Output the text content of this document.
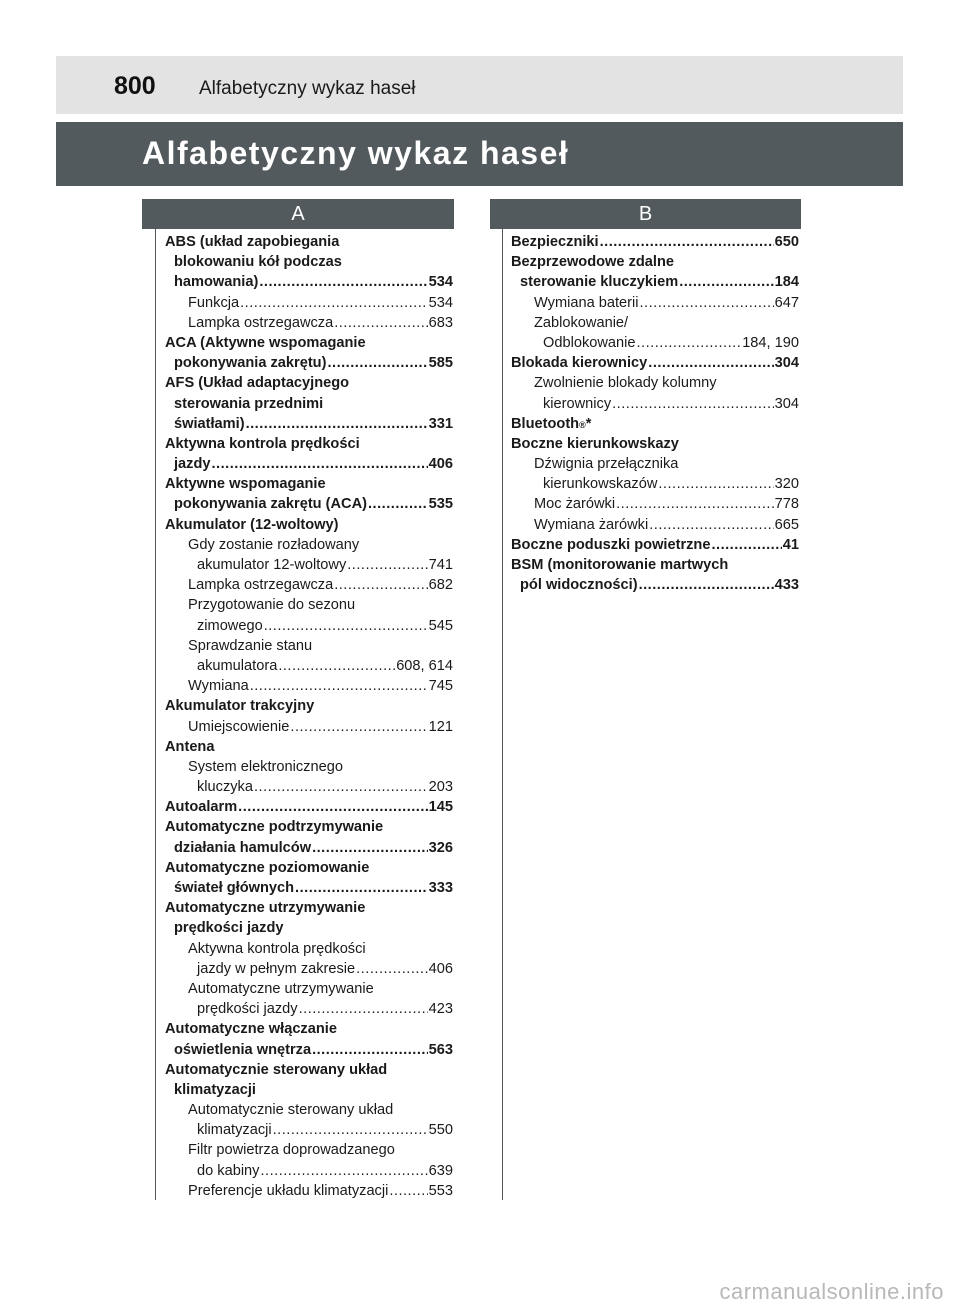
800 Alfabetyczny wykaz haseł
Alfabetyczny wykaz haseł
A	B
ABS (układ zapobiegania
blokowaniu kół podczas
hamowania) .....	534
Funkcja .....	534
Lampka ostrzegawcza .....	683
ACA (Aktywne wspomaganie
pokonywania zakrętu) .....	585
AFS (Układ adaptacyjnego
sterowania przednimi
światłami) .....	331
Aktywna kontrola prędkości
jazdy .....	406
Aktywne wspomaganie
pokonywania zakrętu (ACA) .....	535
Akumulator (12-woltowy)
Gdy zostanie rozładowany
akumulator 12-woltowy .....	741
Lampka ostrzegawcza .....	682
Przygotowanie do sezonu
zimowego .....	545
Sprawdzanie stanu
akumulatora .....	608, 614
Wymiana .....	745
Akumulator trakcyjny
Umiejscowienie .....	121
Antena
System elektronicznego
kluczyka .....	203
Autoalarm .....	145
Automatyczne podtrzymywanie
działania hamulców .....	326
Automatyczne poziomowanie
świateł głównych .....	333
Automatyczne utrzymywanie
prędkości jazdy
Aktywna kontrola prędkości
jazdy w pełnym zakresie .....	406
Automatyczne utrzymywanie
prędkości jazdy .....	423
Automatyczne włączanie
oświetlenia wnętrza .....	563
Automatycznie sterowany układ
klimatyzacji
Automatycznie sterowany układ
klimatyzacji .....	550
Filtr powietrza doprowadzanego
do kabiny .....	639
Preferencje układu klimatyzacji .....	553
Bezpieczniki .....	650
Bezprzewodowe zdalne
sterowanie kluczykiem .....	184
Wymiana baterii .....	647
Zablokowanie/
Odblokowanie .....	184, 190
Blokada kierownicy .....	304
Zwolnienie blokady kolumny
kierownicy .....	304
Bluetooth ® *
Boczne kierunkowskazy
Dźwignia przełącznika
kierunkowskazów .....	320
Moc żarówki .....	778
Wymiana żarówki .....	665
Boczne poduszki powietrzne .....	41
BSM (monitorowanie martwych
pól widoczności) .....	433
carmanualsonline.info
